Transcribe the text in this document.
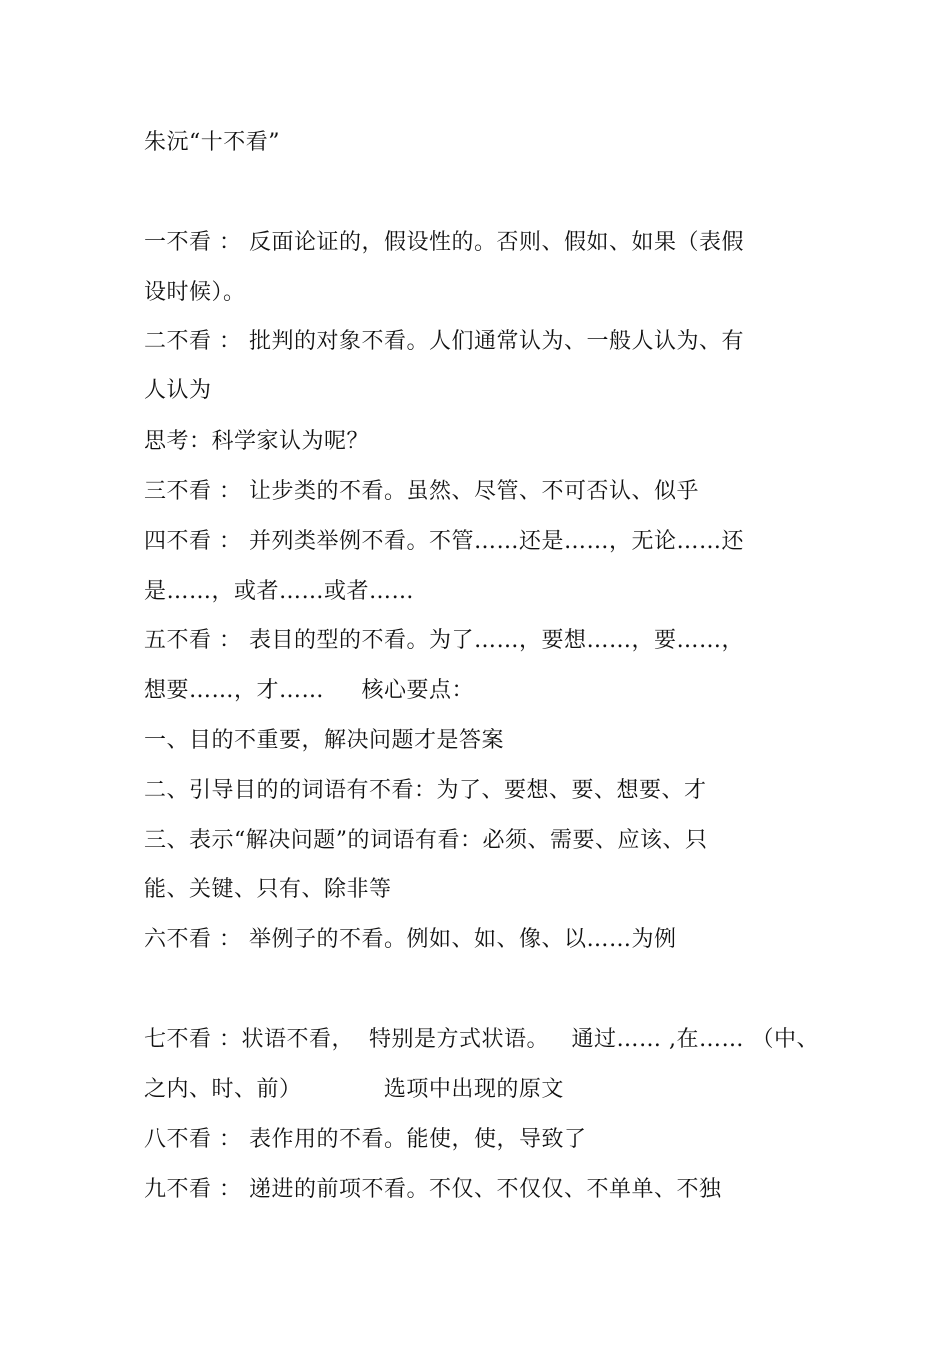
朱沅“十不看”
一不看 ： 反面论证的，假设性的。否则、假如、如果（表假
设时候）。
二不看 ： 批判的对象不看。人们通常认为、一般人认为、有
人认为
思考：科学家认为呢？
三不看 ： 让步类的不看。虽然、尽管、不可否认、似乎
四不看 ： 并列类举例不看。不管……还是……，无论……还
是……，或者……或者……
五不看 ： 表目的型的不看。为了……，要想……，要……，
想要……，才……     核心要点：
一、目的不重要，解决问题才是答案
二、引导目的的词语有不看：为了、要想、要、想要、才
三、表示“解决问题”的词语有看：必须、需要、应该、只
能、关键、只有、除非等
六不看 ： 举例子的不看。例如、如、像、以……为例
七不看 ：状语不看，  特别是方式状语。   通过…… ,在…… （中、
之内、时、前）           选项中出现的原文
八不看 ： 表作用的不看。能使，使，导致了
九不看 ： 递进的前项不看。不仅、不仅仅、不单单、不独
